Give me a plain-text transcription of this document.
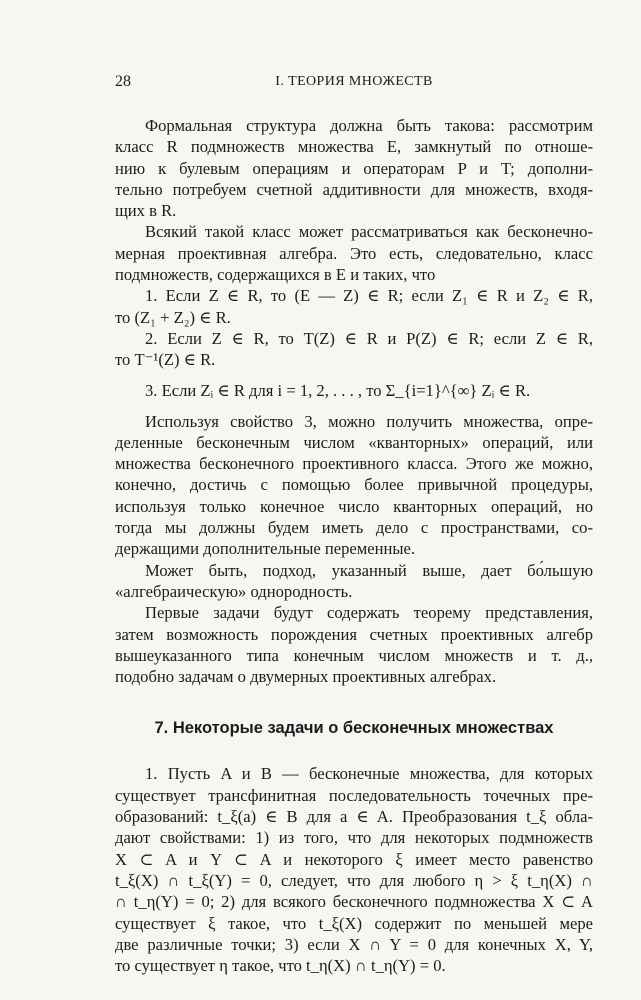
28	I. ТЕОРИЯ МНОЖЕСТВ
Формальная структура должна быть такова: рассмотрим
класс R подмножеств множества E, замкнутый по отноше-
нию к булевым операциям и операторам P и T; дополни-
тельно потребуем счетной аддитивности для множеств, входя-
щих в R.
Всякий такой класс может рассматриваться как бесконечно-
мерная проективная алгебра. Это есть, следовательно, класс
подмножеств, содержащихся в E и таких, что
1. Если Z ∈ R, то (E — Z) ∈ R; если Z₁ ∈ R и Z₂ ∈ R,
то (Z₁ + Z₂) ∈ R.
2. Если Z ∈ R, то T(Z) ∈ R и P(Z) ∈ R; если Z ∈ R,
то T⁻¹(Z) ∈ R.
3. Если Zᵢ ∈ R для i = 1, 2, . . . , то Σ_{i=1}^{∞} Zᵢ ∈ R.
Используя свойство 3, можно получить множества, опре-
деленные бесконечным числом «кванторных» операций, или
множества бесконечного проективного класса. Этого же можно,
конечно, достичь с помощью более привычной процедуры,
используя только конечное число кванторных операций, но
тогда мы должны будем иметь дело с пространствами, со-
держащими дополнительные переменные.
Может быть, подход, указанный выше, дает бо́льшую
«алгебраическую» однородность.
Первые задачи будут содержать теорему представления,
затем возможность порождения счетных проективных алгебр
вышеуказанного типа конечным числом множеств и т. д.,
подобно задачам о двумерных проективных алгебрах.
7. Некоторые задачи о бесконечных множествах
1. Пусть A и B — бесконечные множества, для которых
существует трансфинитная последовательность точечных пре-
образований: t_ξ(a) ∈ B для a ∈ A. Преобразования t_ξ обла-
дают свойствами: 1) из того, что для некоторых подмножеств
X ⊂ A и Y ⊂ A и некоторого ξ имеет место равенство
t_ξ(X) ∩ t_ξ(Y) = 0, следует, что для любого η > ξ t_η(X) ∩
∩ t_η(Y) = 0; 2) для всякого бесконечного подмножества X ⊂ A
существует ξ такое, что t_ξ(X) содержит по меньшей мере
две различные точки; 3) если X ∩ Y = 0 для конечных X, Y,
то существует η такое, что t_η(X) ∩ t_η(Y) = 0.
